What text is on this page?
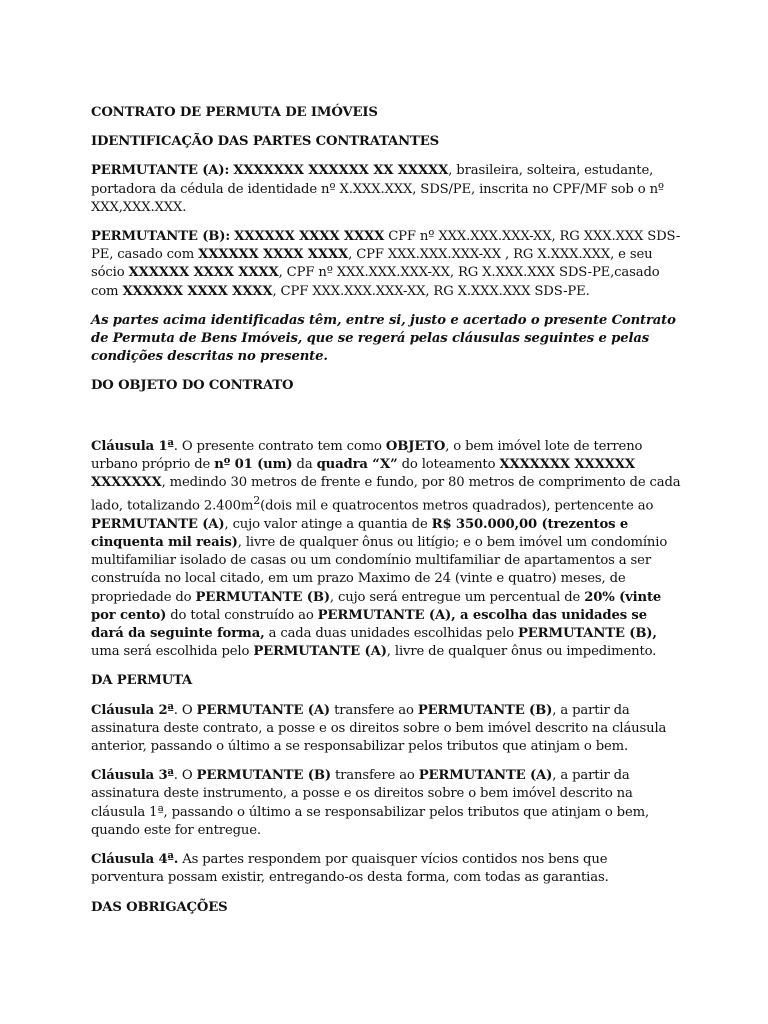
CONTRATO DE PERMUTA DE IMÓVEIS

IDENTIFICAÇÃO DAS PARTES CONTRATANTES

PERMUTANTE (A): XXXXXXX XXXXXX XX XXXXX, brasileira, solteira, estudante, portadora da cédula de identidade nº X.XXX.XXX, SDS/PE, inscrita no CPF/MF sob o nº XXX,XXX.XXX.

PERMUTANTE (B): XXXXXX XXXX XXXX CPF nº XXX.XXX.XXX-XX, RG XXX.XXX SDS-PE, casado com XXXXXX XXXX XXXX, CPF XXX.XXX.XXX-XX , RG X.XXX.XXX, e seu sócio XXXXXX XXXX XXXX, CPF nº XXX.XXX.XXX-XX, RG X.XXX.XXX SDS-PE,casado com XXXXXX XXXX XXXX, CPF XXX.XXX.XXX-XX, RG X.XXX.XXX SDS-PE.

As partes acima identificadas têm, entre si, justo e acertado o presente Contrato de Permuta de Bens Imóveis, que se regerá pelas cláusulas seguintes e pelas condições descritas no presente.

DO OBJETO DO CONTRATO

Cláusula 1ª. O presente contrato tem como OBJETO, o bem imóvel lote de terreno urbano próprio de nº 01 (um) da quadra “X” do loteamento XXXXXXX XXXXXX XXXXXXX, medindo 30 metros de frente e fundo, por 80 metros de comprimento de cada lado, totalizando $2.400m^2(dois$ mil e quatrocentos metros quadrados), pertencente ao PERMUTANTE (A), cujo valor atinge a quantia de R$ 350.000,00 (trezentos e cinquenta mil reais), livre de qualquer ônus ou litígio; e o bem imóvel um condomínio multifamiliar isolado de casas ou um condomínio multifamiliar de apartamentos a ser construída no local citado, em um prazo Maximo de 24 (vinte e quatro) meses, de propriedade do PERMUTANTE (B), cujo será entregue um percentual de 20% (vinte por cento) do total construído ao PERMUTANTE (A), a escolha das unidades se dará da seguinte forma, a cada duas unidades escolhidas pelo PERMUTANTE (B), uma será escolhida pelo PERMUTANTE (A), livre de qualquer ônus ou impedimento.

DA PERMUTA

Cláusula 2ª. O PERMUTANTE (A) transfere ao PERMUTANTE (B), a partir da assinatura deste contrato, a posse e os direitos sobre o bem imóvel descrito na cláusula anterior, passando o último a se responsabilizar pelos tributos que atinjam o bem.

Cláusula 3ª. O PERMUTANTE (B) transfere ao PERMUTANTE (A), a partir da assinatura deste instrumento, a posse e os direitos sobre o bem imóvel descrito na cláusula 1ª, passando o último a se responsabilizar pelos tributos que atinjam o bem, quando este for entregue.

Cláusula 4ª. As partes respondem por quaisquer vícios contidos nos bens que porventura possam existir, entregando-os desta forma, com todas as garantias.

DAS OBRIGAÇÕES
